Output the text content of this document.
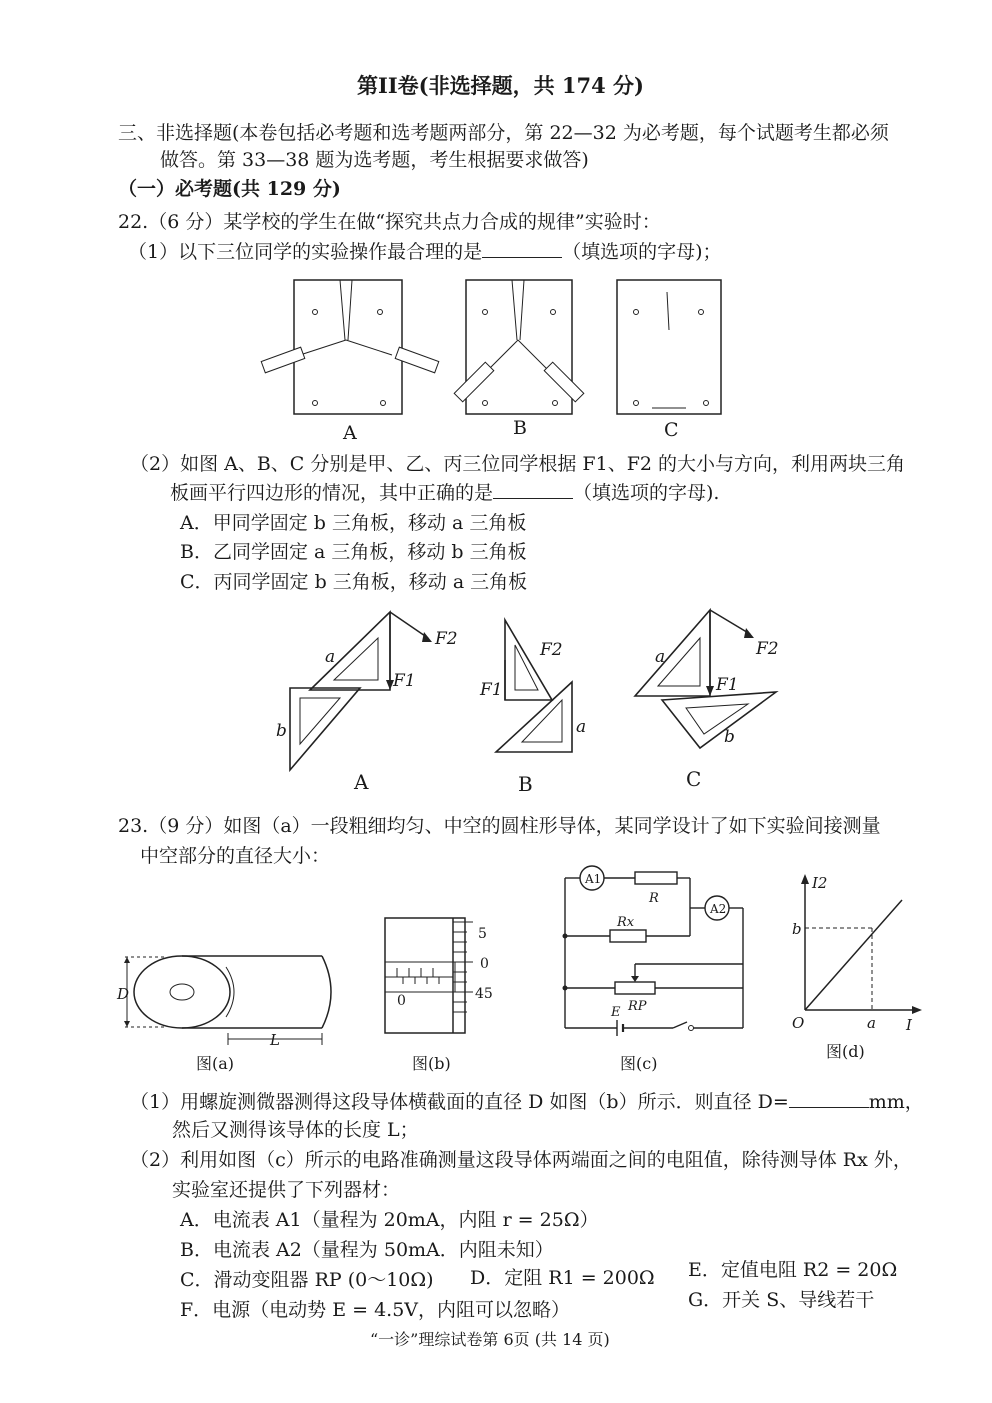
第II卷(非选择题，共 174 分)
三、非选择题(本卷包括必考题和选考题两部分，第 22—32 为必考题，每个试题考生都必须
做答。第 33—38 题为选考题，考生根据要求做答)
（一）必考题(共 129 分)
22.（6 分）某学校的学生在做“探究共点力合成的规律”实验时：
（1）以下三位同学的实验操作最合理的是	（填选项的字母)；
A	B	C
（2）如图 A、B、C 分别是甲、乙、丙三位同学根据 F1、F2 的大小与方向，利用两块三角
板画平行四边形的情况，其中正确的是	（填选项的字母).
A．甲同学固定 b 三角板，移动 a 三角板
B．乙同学固定 a 三角板，移动 b 三角板
C．丙同学固定 b 三角板，移动 a 三角板
a
F1
F2
b
F2
F1
a
a
F1
F2
b
A	B	C
23.（9 分）如图（a）一段粗细均匀、中空的圆柱形导体，某同学设计了如下实验间接测量
中空部分的直径大小：
D
L
图(a)
5
0
45
0
图(b)
A1
R
A2
Rx
RP
E
图(c)
I2
b
a
O	I
图(d)
（1）用螺旋测微器测得这段导体横截面的直径 D 如图（b）所示．则直径 D=	mm，
然后又测得该导体的长度 L；
（2）利用如图（c）所示的电路准确测量这段导体两端面之间的电阻值，除待测导体 Rx 外，
实验室还提供了下列器材：
A．电流表 A1（量程为 20mA，内阻 r = 25Ω）
B．电流表 A2（量程为 50mA．内阻未知）
C．滑动变阻器 RP (0～10Ω) D．定阻 R1 = 200Ω E．定值电阻 R2 = 20Ω
F．电源（电动势 E = 4.5V，内阻可以忽略）	G．开关 S、导线若干
“一诊”理综试卷第 6页 (共 14 页)
